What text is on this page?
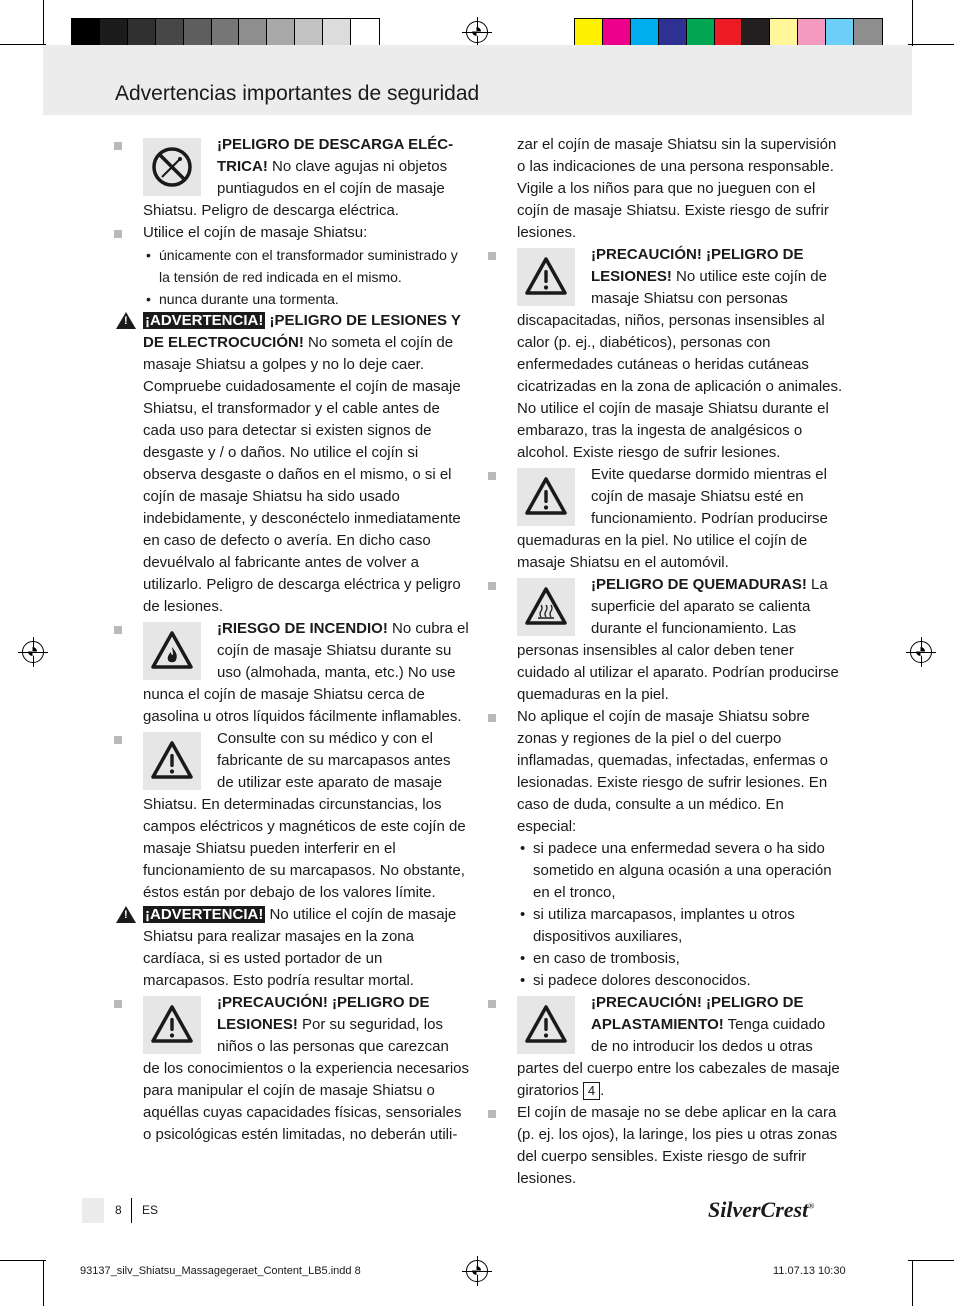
Advertencias importantes de seguridad

¡PELIGRO DE DESCARGA ELÉC-TRICA! No clave agujas ni objetos puntiagudos en el cojín de masaje Shiatsu. Peligro de descarga eléctrica.

Utilice el cojín de masaje Shiatsu:

• únicamente con el transformador suministrado y la tensión de red indicada en el mismo.
• nunca durante una tormenta.

!
¡ADVERTENCIA! ¡PELIGRO DE LESIONES Y DE ELECTROCUCIÓN! No someta el cojín de masaje Shiatsu a golpes y no lo deje caer. Compruebe cuidadosamente el cojín de masaje Shiatsu, el transformador y el cable antes de cada uso para detectar si existen signos de desgaste y / o daños. No utilice el cojín si observa desgaste o daños en el mismo, o si el cojín de masaje Shiatsu ha sido usado indebidamente, y desconéctelo inmediatamente en caso de defecto o avería. En dicho caso devuélvalo al fabricante antes de volver a utilizarlo. Peligro de descarga eléctrica y peligro de lesiones.

¡RIESGO DE INCENDIO! No cubra el cojín de masaje Shiatsu durante su uso (almohada, manta, etc.) No use nunca el cojín de masaje Shiatsu cerca de gasolina u otros líquidos fácilmente inflamables.

Consulte con su médico y con el fabricante de su marcapasos antes de utilizar este aparato de masaje Shiatsu. En determinadas circunstancias, los campos eléctricos y magnéticos de este cojín de masaje Shiatsu pueden interferir en el funcionamiento de su marcapasos. No obstante, éstos están por debajo de los valores límite.

!
¡ADVERTENCIA! No utilice el cojín de masaje Shiatsu para realizar masajes en la zona cardíaca, si es usted portador de un marcapasos. Esto podría resultar mortal.

¡PRECAUCIÓN! ¡PELIGRO DE LESIONES! Por su seguridad, los niños o las personas que carezcan de los conocimientos o la experiencia necesarios para manipular el cojín de masaje Shiatsu o aquéllas cuyas capacidades físicas, sensoriales o psicológicas estén limitadas, no deberán utili-

zar el cojín de masaje Shiatsu sin la supervisión o las indicaciones de una persona responsable. Vigile a los niños para que no jueguen con el cojín de masaje Shiatsu. Existe riesgo de sufrir lesiones.

¡PRECAUCIÓN! ¡PELIGRO DE LESIONES! No utilice este cojín de masaje Shiatsu con personas discapacitadas, niños, personas insensibles al calor (p. ej., diabéticos), personas con enfermedades cutáneas o heridas cutáneas cicatrizadas en la zona de aplicación o animales. No utilice el cojín de masaje Shiatsu durante el embarazo, tras la ingesta de analgésicos o alcohol. Existe riesgo de sufrir lesiones.

Evite quedarse dormido mientras el cojín de masaje Shiatsu esté en funcionamiento. Podrían producirse quemaduras en la piel. No utilice el cojín de masaje Shiatsu en el automóvil.

¡PELIGRO DE QUEMADURAS! La superficie del aparato se calienta durante el funcionamiento. Las personas insensibles al calor deben tener cuidado al utilizar el aparato. Podrían producirse quemaduras en la piel.

No aplique el cojín de masaje Shiatsu sobre zonas y regiones de la piel o del cuerpo inflamadas, quemadas, infectadas, enfermas o lesionadas. Existe riesgo de sufrir lesiones. En caso de duda, consulte a un médico. En especial:

• si padece una enfermedad severa o ha sido sometido en alguna ocasión a una operación en el tronco,
• si utiliza marcapasos, implantes u otros dispositivos auxiliares,
• en caso de trombosis,
• si padece dolores desconocidos.

¡PRECAUCIÓN! ¡PELIGRO DE APLASTAMIENTO! Tenga cuidado de no introducir los dedos u otras partes del cuerpo entre los cabezales de masaje giratorios 4 .

El cojín de masaje no se debe aplicar en la cara (p. ej. los ojos), la laringe, los pies u otras zonas del cuerpo sensibles. Existe riesgo de sufrir lesiones.

8 ES	SilverCrest®
93137_silv_Shiatsu_Massagegeraet_Content_LB5.indd 8	11.07.13 10:30
